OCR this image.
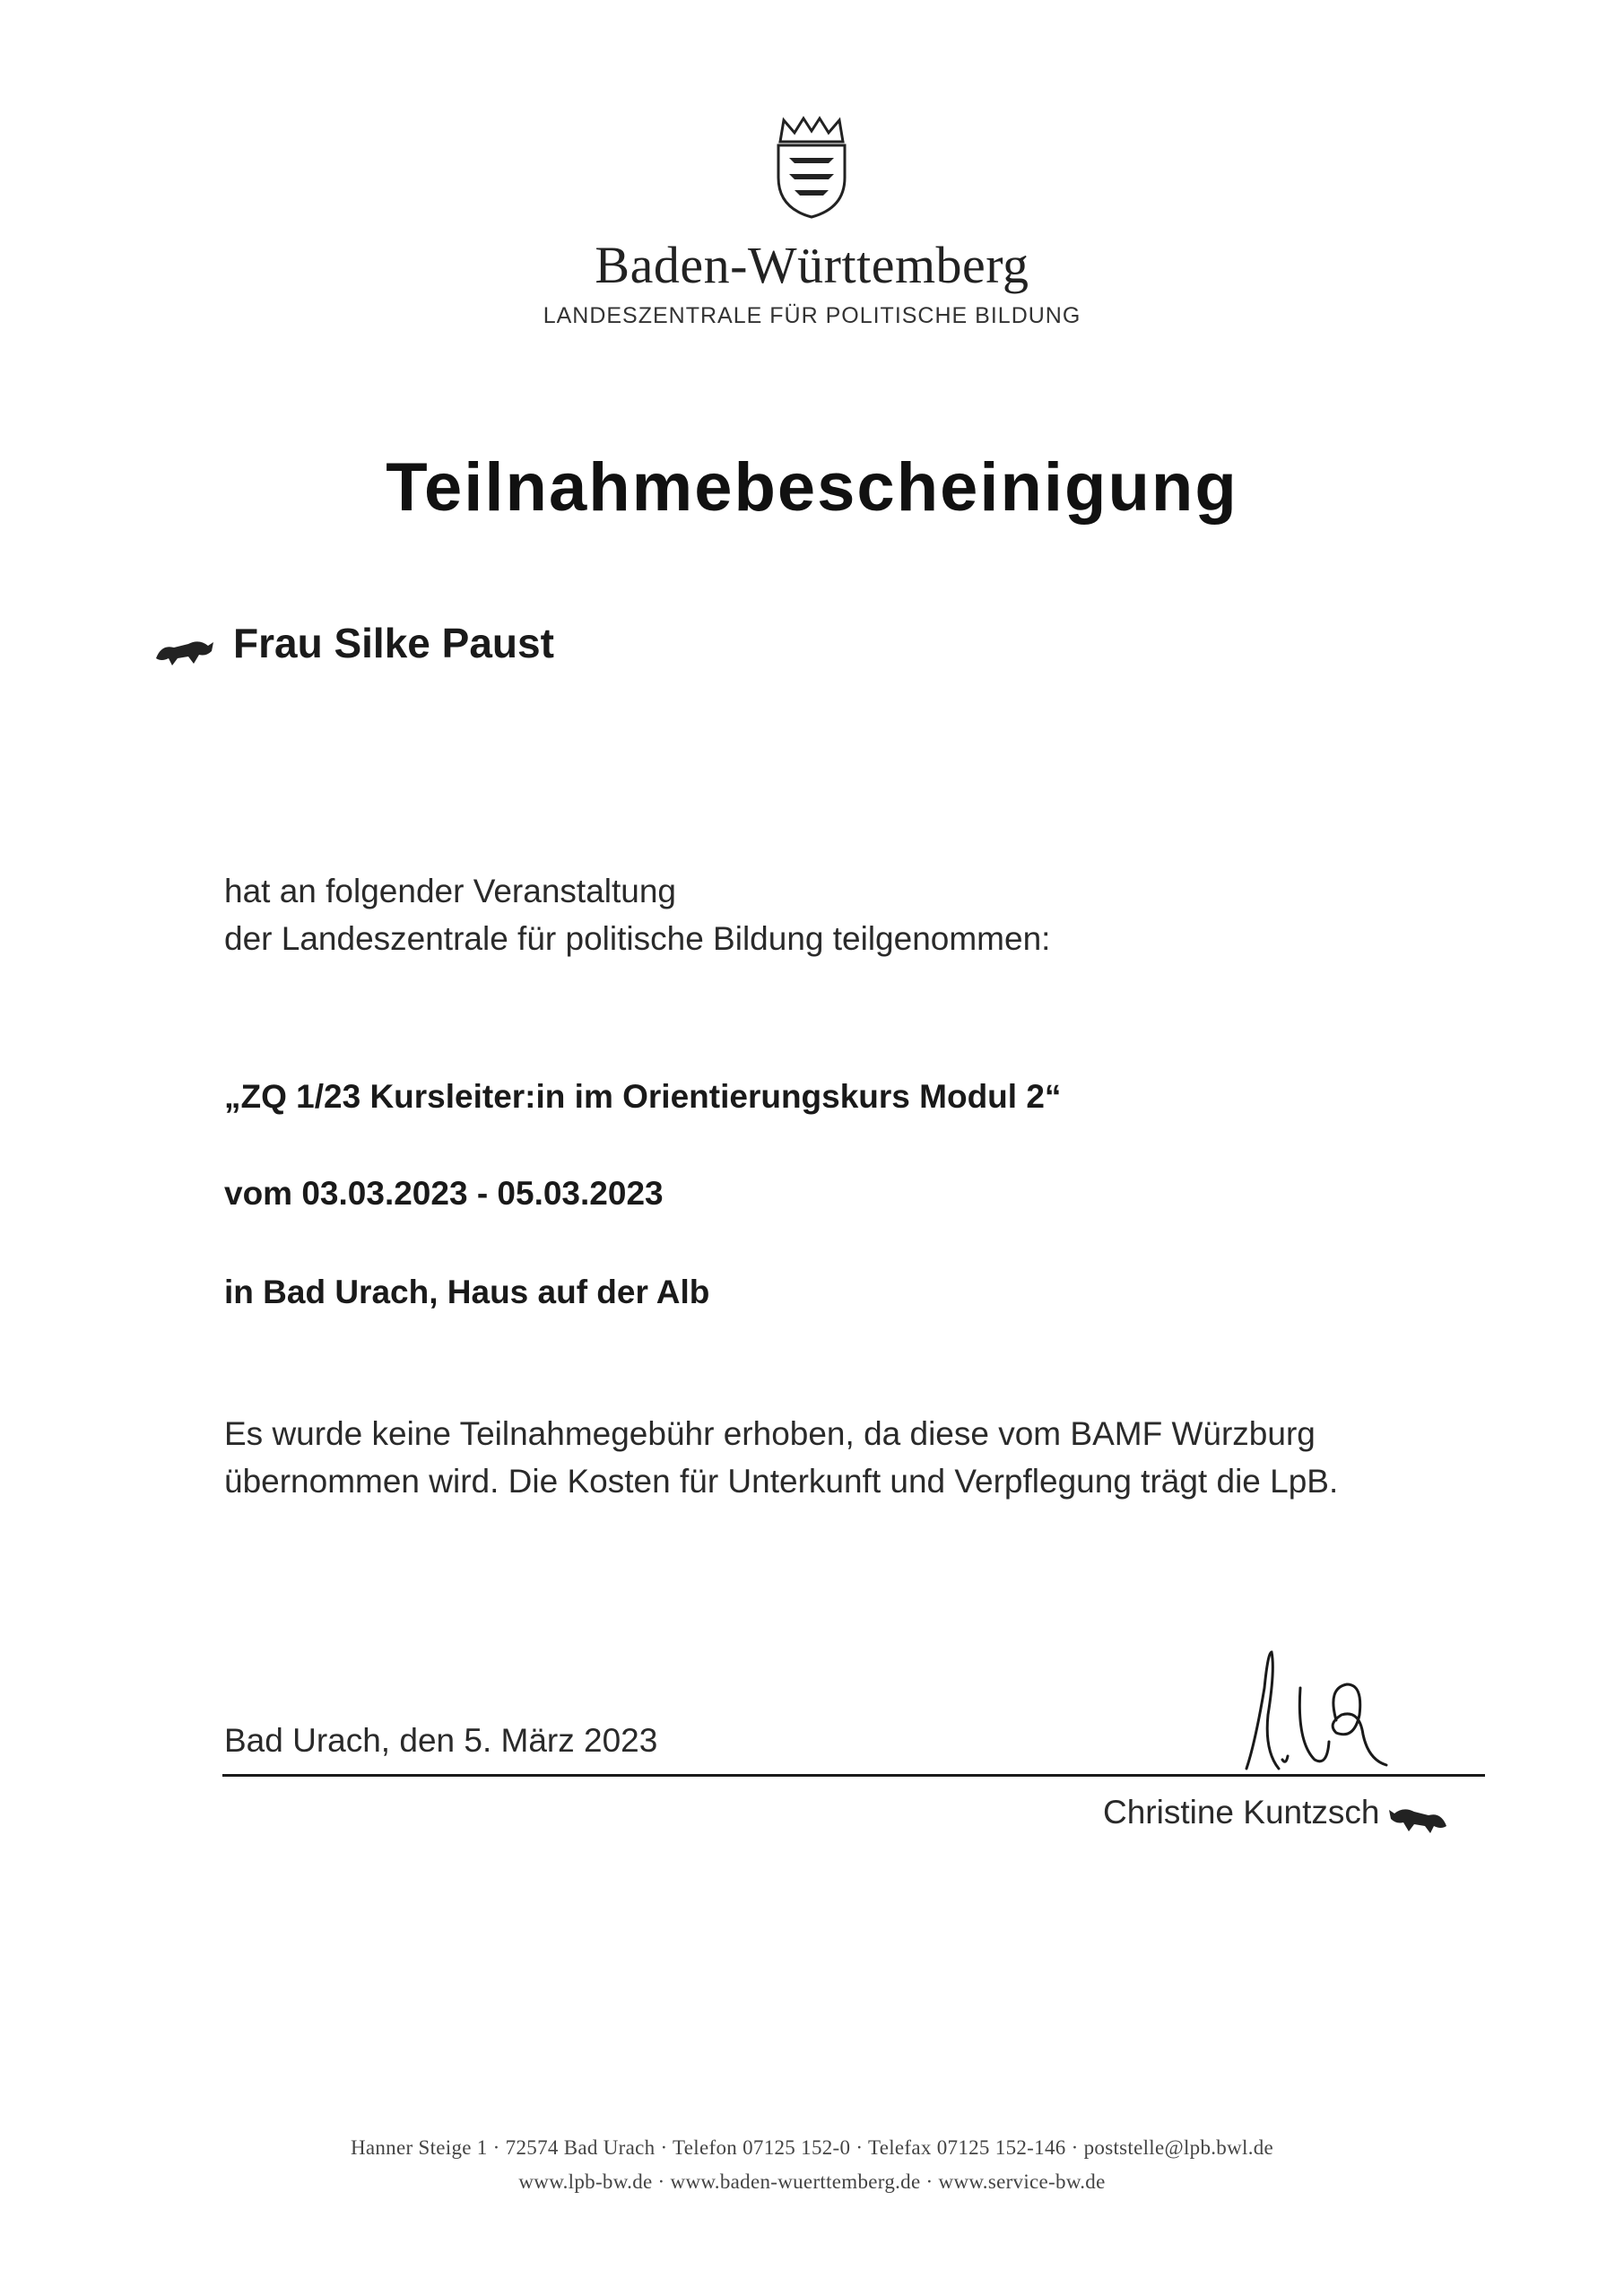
Baden-Württemberg
LANDESZENTRALE FÜR POLITISCHE BILDUNG
Teilnahmebescheinigung
Frau Silke Paust
hat an folgender Veranstaltung
der Landeszentrale für politische Bildung teilgenommen:
„ZQ 1/23 Kursleiter:in im Orientierungskurs Modul 2“
vom 03.03.2023 - 05.03.2023
in Bad Urach, Haus auf der Alb
Es wurde keine Teilnahmegebühr erhoben, da diese vom BAMF Würzburg
übernommen wird. Die Kosten für Unterkunft und Verpflegung trägt die LpB.
Bad Urach, den 5. März 2023
Christine Kuntzsch
Hanner Steige 1 · 72574 Bad Urach · Telefon 07125 152-0 · Telefax 07125 152-146 · poststelle@lpb.bwl.de
www.lpb-bw.de · www.baden-wuerttemberg.de · www.service-bw.de
